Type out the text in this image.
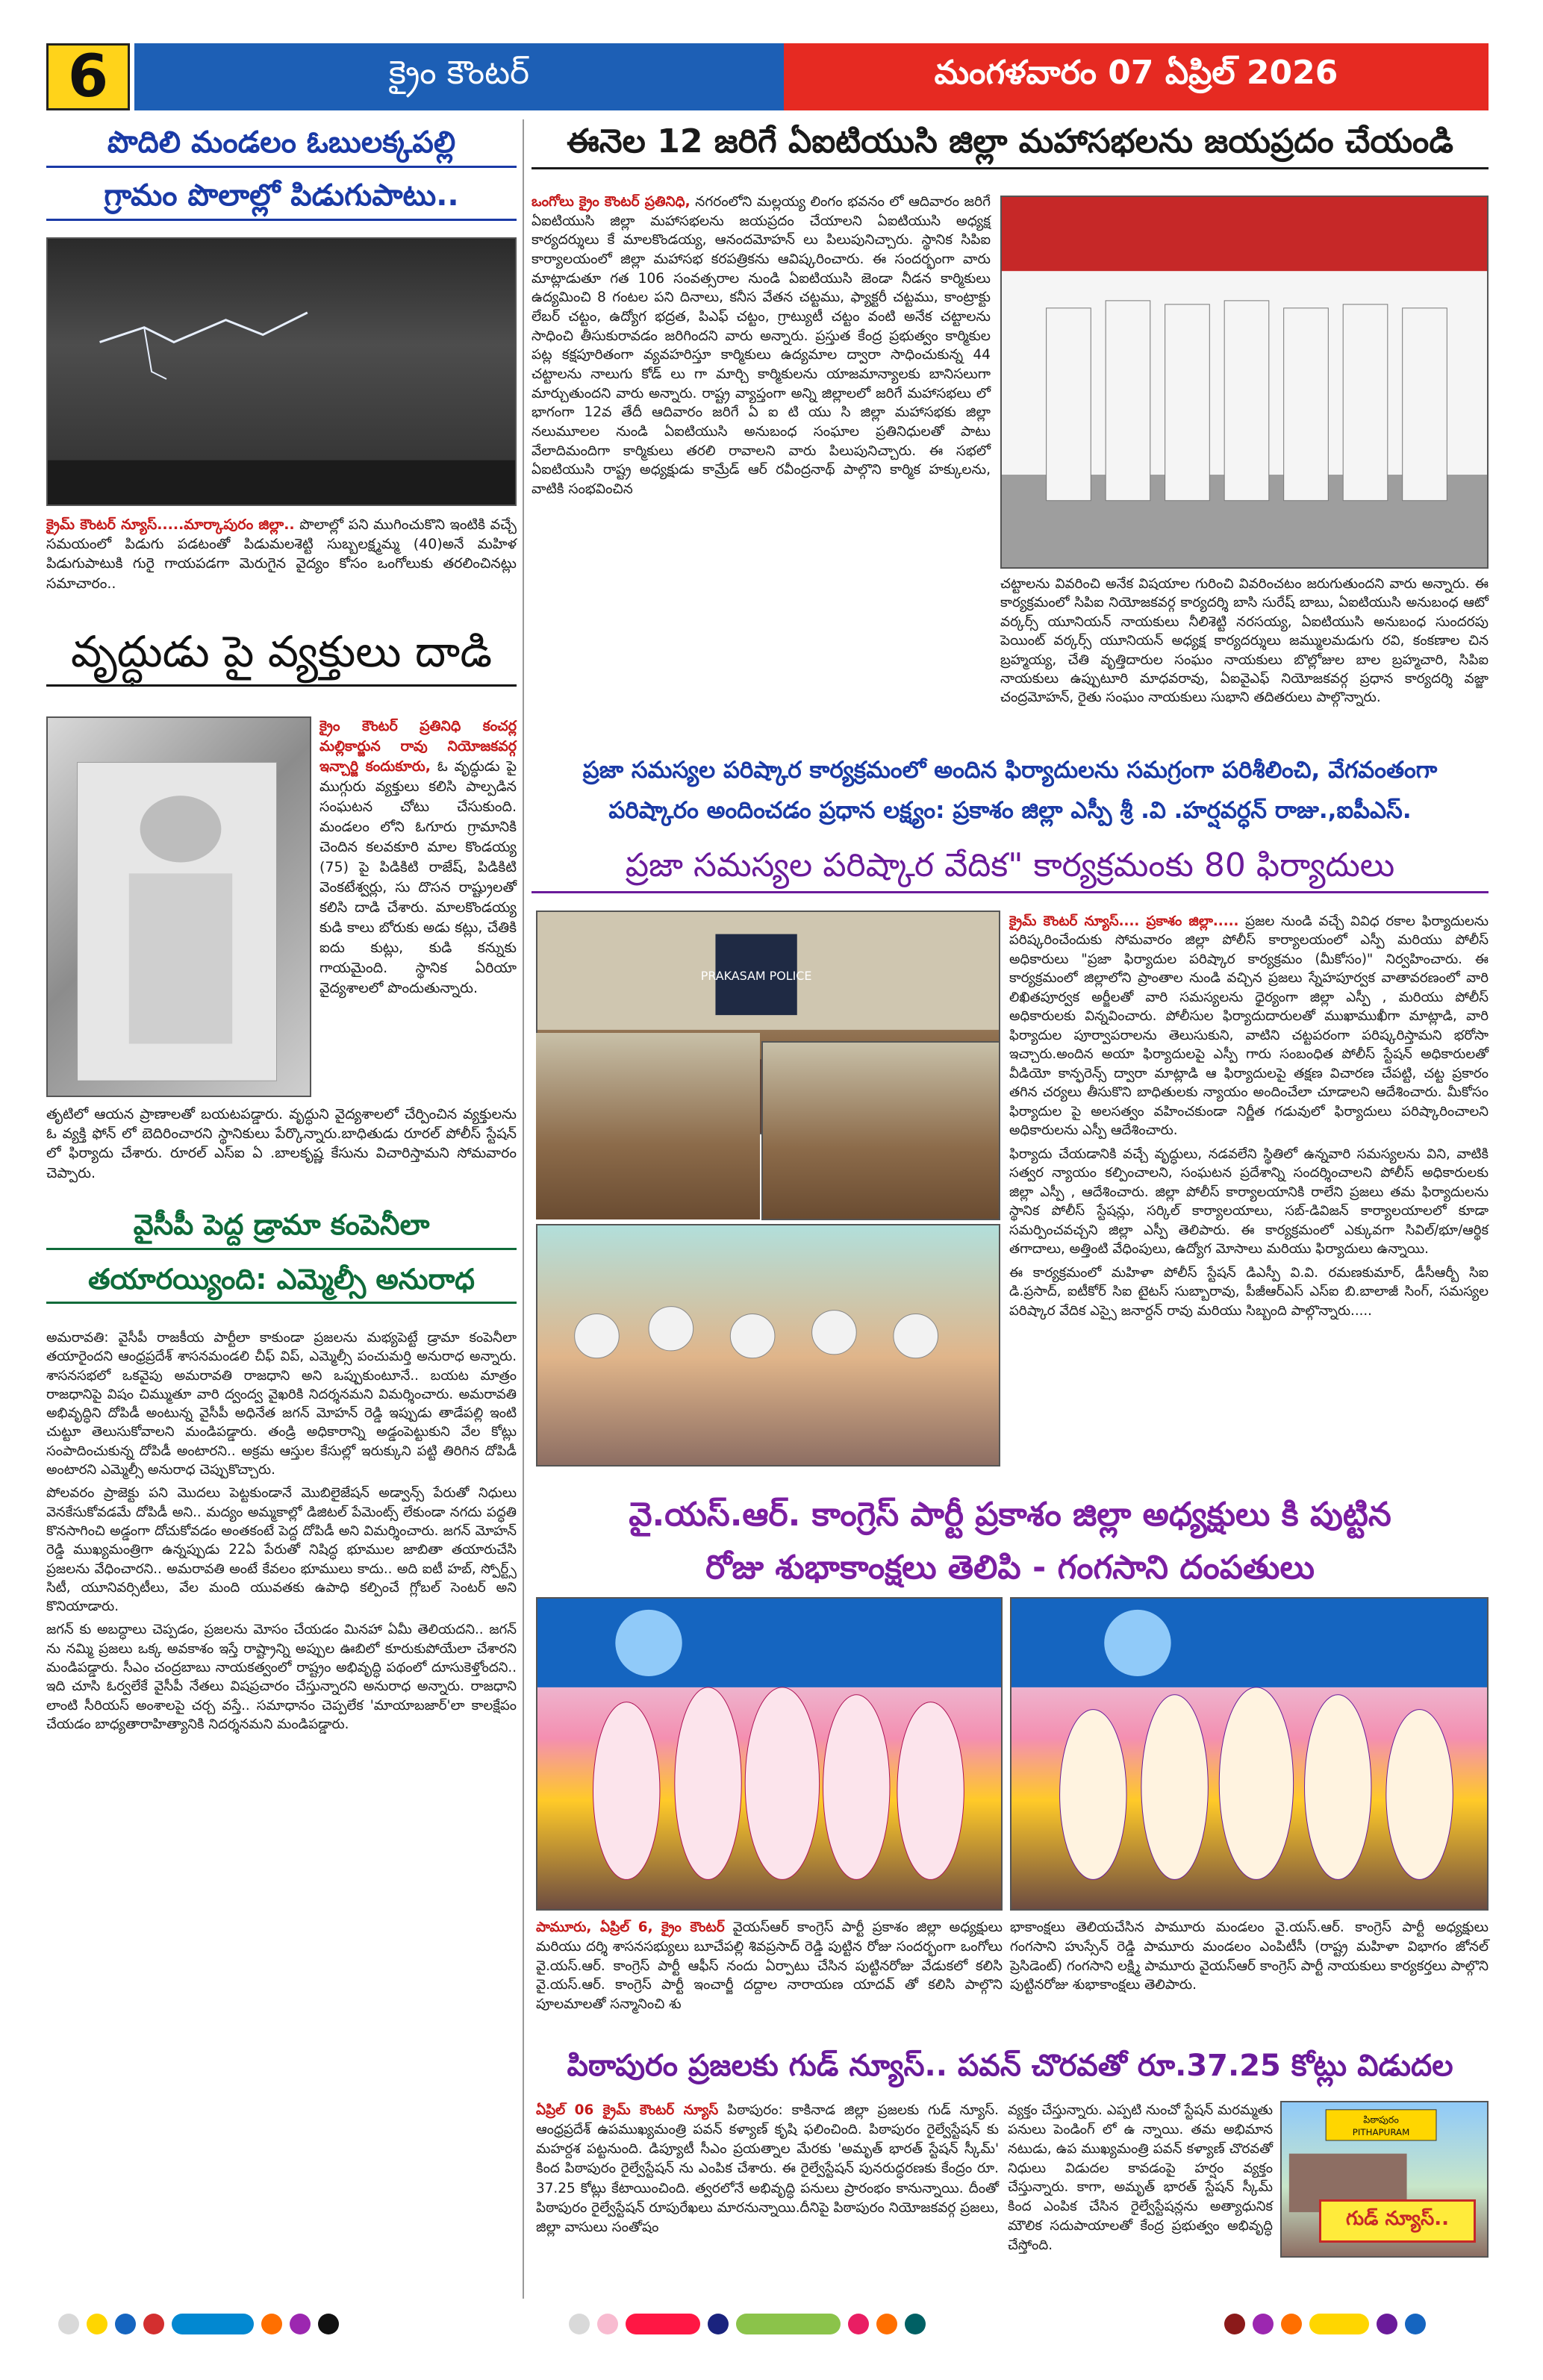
6	క్రైం కౌంటర్	మంగళవారం 07 ఏప్రిల్ 2026
పొదిలి మండలం ఓబులక్కపల్లి
గ్రామం పొలాల్లో పిడుగుపాటు..
క్రైమ్ కౌంటర్ న్యూస్.....మార్కాపురం జిల్లా.. పొలాల్లో పని ముగించుకొని ఇంటికి వచ్చే సమయంలో పిడుగు పడటంతో పిడుమలశెట్టి సుబ్బలక్ష్మమ్మ (40)అనే మహిళ పిడుగుపాటుకి గురై గాయపడగా మెరుగైన వైద్యం కోసం ఒంగోలుకు తరలించినట్లు సమాచారం..
వృద్ధుడు పై వ్యక్తులు దాడి
క్రైం కౌంటర్ ప్రతినిధి కంచర్ల మల్లికార్జున రావు నియోజకవర్గ ఇన్చార్జి కందుకూరు, ఓ వృద్ధుడు పై ముగ్గురు వ్యక్తులు కలిసి పాల్పడిన సంఘటన చోటు చేసుకుంది. మండలం లోని ఓగూరు గ్రామానికి చెందిన కలవకూరి మాల కొండయ్య (75) పై పిడికిటి రాజేష్, పిడికిటి వెంకటేశ్వర్లు, సు దొసన రాష్ట్రులతో కలిసి దాడి చేశారు. మాలకొండయ్య కుడి కాలు బోరుకు అడు కట్లు, చేతికి ఐదు కుట్లు, కుడి కన్నుకు గాయమైంది. స్థానిక ఏరియా వైద్యశాలలో పొందుతున్నారు.
తృటిలో ఆయన ప్రాణాలతో బయటపడ్డారు. వృద్ధుని వైద్యశాలలో చేర్పించిన వ్యక్తులను ఓ వ్యక్తి ఫోన్ లో బెదిరించారని స్థానికులు పేర్కొన్నారు.బాధితుడు రూరల్ పోలీస్ స్టేషన్ లో ఫిర్యాదు చేశారు. రూరల్ ఎస్ఐ ఏ .బాలకృష్ణ కేసును విచారిస్తామని సోమవారం చెప్పారు.
వైసీపీ పెద్ద డ్రామా కంపెనీలా
తయారయ్యింది: ఎమ్మెల్సీ అనురాధ

అమరావతి: వైసీపీ రాజకీయ పార్టీలా కాకుండా ప్రజలను మభ్యపెట్టే డ్రామా కంపెనీలా తయారైందని ఆంధ్రప్రదేశ్ శాసనమండలి చీఫ్ విప్, ఎమ్మెల్సీ పంచుమర్తి అనురాధ అన్నారు. శాసనసభలో ఒకవైపు అమరావతి రాజధాని అని ఒప్పుకుంటూనే.. బయట మాత్రం రాజధానిపై విషం చిమ్ముతూ వారి ద్వంద్వ వైఖరికి నిదర్శనమని విమర్శించారు. అమరావతి అభివృద్ధిని దోపిడీ అంటున్న వైసీపీ అధినేత జగన్ మోహన్ రెడ్డి ఇప్పుడు తాడేపల్లి ఇంటి చుట్టూ తెలుసుకోవాలని మండిపడ్డారు. తండ్రి అధికారాన్ని అడ్డంపెట్టుకుని వేల కోట్లు సంపాదించుకున్న దోపిడీ అంటారని.. అక్రమ ఆస్తుల కేసుల్లో ఇరుక్కుని పట్టి తిరిగిన దోపిడీ అంటారని ఎమ్మెల్సీ అనురాధ చెప్పుకొచ్చారు.

పోలవరం ప్రాజెక్టు పని మొదలు పెట్టకుండానే మొబిలైజేషన్ అడ్వాన్స్ పేరుతో నిధులు వెనకేసుకోవడమే దోపిడీ అని.. మద్యం అమ్మకాల్లో డిజిటల్ పేమెంట్స్ లేకుండా నగదు పద్ధతి కొనసాగించి అడ్డంగా దోచుకోవడం అంతకంటే పెద్ద దోపిడీ అని విమర్శించారు. జగన్ మోహన్ రెడ్డి ముఖ్యమంత్రిగా ఉన్నప్పుడు 22ఏ పేరుతో నిషిద్ధ భూముల జాబితా తయారుచేసి ప్రజలను వేధించారని.. అమరావతి అంటే కేవలం భూములు కాదు.. అది ఐటీ హబ్, స్పోర్ట్స్ సిటీ, యూనివర్సిటీలు, వేల మంది యువతకు ఉపాధి కల్పించే గ్లోబల్ సెంటర్ అని కొనియాడారు.

జగన్ కు అబద్ధాలు చెప్పడం, ప్రజలను మోసం చేయడం మినహా ఏమీ తెలియదని.. జగన్ ను నమ్మి ప్రజలు ఒక్క అవకాశం ఇస్తే రాష్ట్రాన్ని అప్పుల ఊబిలో కూరుకుపోయేలా చేశారని మండిపడ్డారు. సీఎం చంద్రబాబు నాయకత్వంలో రాష్ట్రం అభివృద్ధి పథంలో దూసుకెళ్తోందని.. ఇది చూసి ఓర్వలేకే వైసీపీ నేతలు విషప్రచారం చేస్తున్నారని అనురాధ అన్నారు. రాజధాని లాంటి సీరియస్ అంశాలపై చర్చ వస్తే.. సమాధానం చెప్పలేక 'మాయాబజార్'లా కాలక్షేపం చేయడం బాధ్యతారాహిత్యానికి నిదర్శనమని మండిపడ్డారు.

ఈనెల 12 జరిగే ఏఐటియుసి జిల్లా మహాసభలను జయప్రదం చేయండి
ఒంగోలు క్రైం కౌంటర్ ప్రతినిధి, నగరంలోని మల్లయ్య లింగం భవనం లో ఆదివారం జరిగే ఏఐటియుసి జిల్లా మహాసభలను జయప్రదం చేయాలని ఏఐటియుసి అధ్యక్ష కార్యదర్శులు కే మాలకొండయ్య, ఆనందమోహన్ లు పిలుపునిచ్చారు. స్థానిక సిపిఐ కార్యాలయంలో జిల్లా మహాసభ కరపత్రికను ఆవిష్కరించారు. ఈ సందర్భంగా వారు మాట్లాడుతూ గత 106 సంవత్సరాల నుండి ఏఐటియుసి జెండా నీడన కార్మికులు ఉద్యమించి 8 గంటల పని దినాలు, కనీస వేతన చట్టము, ఫ్యాక్టరీ చట్టము, కాంట్రాక్టు లేబర్ చట్టం, ఉద్యోగ భద్రత, పిఎఫ్ చట్టం, గ్రాట్యుటీ చట్టం వంటి అనేక చట్టాలను సాధించి తీసుకురావడం జరిగిందని వారు అన్నారు. ప్రస్తుత కేంద్ర ప్రభుత్వం కార్మికుల పట్ల కక్షపూరితంగా వ్యవహరిస్తూ కార్మికులు ఉద్యమాల ద్వారా సాధించుకున్న 44 చట్టాలను నాలుగు కోడ్ లు గా మార్చి కార్మికులను యాజమాన్యాలకు బానిసలుగా మార్చుతుందని వారు అన్నారు. రాష్ట్ర వ్యాప్తంగా అన్ని జిల్లాలలో జరిగే మహాసభలు లో భాగంగా 12వ తేదీ ఆదివారం జరిగే ఏ ఐ టి యు సి జిల్లా మహాసభకు జిల్లా నలుమూలల నుండి ఏఐటియుసి అనుబంధ సంఘాల ప్రతినిధులతో పాటు వేలాదిమందిగా కార్మికులు తరలి రావాలని వారు పిలుపునిచ్చారు. ఈ సభలో ఏఐటియుసి రాష్ట్ర అధ్యక్షుడు కామ్రేడ్ ఆర్ రవీంద్రనాథ్ పాల్గొని కార్మిక హక్కులను, వాటికి సంభవించిన
చట్టాలను వివరించి అనేక విషయాల గురించి వివరించటం జరుగుతుందని వారు అన్నారు. ఈ కార్యక్రమంలో సిపిఐ నియోజకవర్గ కార్యదర్శి బాసి సురేష్ బాబు, ఏఐటియుసి అనుబంధ ఆటో వర్కర్స్ యూనియన్ నాయకులు నీలిశెట్టి నరసయ్య, ఏఐటియుసి అనుబంధ సుందరపు పెయింట్ వర్కర్స్ యూనియన్ అధ్యక్ష కార్యదర్శులు జమ్ములమడుగు రవి, కంకణాల చిన బ్రహ్మయ్య, చేతి వృత్తిదారుల సంఘం నాయకులు బొల్లోజుల బాల బ్రహ్మచారి, సిపిఐ నాయకులు ఉప్పుటూరి మాధవరావు, ఏఐవైఎఫ్ నియోజకవర్గ ప్రధాన కార్యదర్శి వజ్జా చంద్రమోహన్, రైతు సంఘం నాయకులు సుభాని తదితరులు పాల్గొన్నారు.
ప్రజా సమస్యల పరిష్కార కార్యక్రమంలో అందిన ఫిర్యాదులను సమగ్రంగా పరిశీలించి, వేగవంతంగా
పరిష్కారం అందించడం ప్రధాన లక్ష్యం: ప్రకాశం జిల్లా ఎస్పీ శ్రీ .వి .హర్షవర్ధన్ రాజు.,ఐపీఎస్.
ప్రజా సమస్యల పరిష్కార వేదిక" కార్యక్రమంకు 80 ఫిర్యాదులు
PRAKASAM POLICE
క్రైమ్ కౌంటర్ న్యూస్.... ప్రకాశం జిల్లా..... ప్రజల నుండి వచ్చే వివిధ రకాల ఫిర్యాదులను పరిష్కరించేందుకు సోమవారం జిల్లా పోలీస్ కార్యాలయంలో ఎస్పీ మరియు పోలీస్ అధికారులు "ప్రజా ఫిర్యాదుల పరిష్కార కార్యక్రమం (మీకోసం)" నిర్వహించారు. ఈ కార్యక్రమంలో జిల్లాలోని ప్రాంతాల నుండి వచ్చిన ప్రజలు స్నేహపూర్వక వాతావరణంలో వారి లిఖితపూర్వక అర్జీలతో వారి సమస్యలను ధైర్యంగా జిల్లా ఎస్పీ , మరియు పోలీస్ అధికారులకు విన్నవించారు. పోలీసుల ఫిర్యాదుదారులతో ముఖాముఖీగా మాట్లాడి, వారి ఫిర్యాదుల పూర్వాపరాలను తెలుసుకుని, వాటిని చట్టపరంగా పరిష్కరిస్తామని భరోసా ఇచ్చారు.అందిన అయా ఫిర్యాదులపై ఎస్పీ గారు సంబంధిత పోలీస్ స్టేషన్ అధికారులతో వీడియో కాన్ఫరెన్స్ ద్వారా మాట్లాడి ఆ ఫిర్యాదులపై తక్షణ విచారణ చేపట్టి, చట్ట ప్రకారం తగిన చర్యలు తీసుకొని బాధితులకు న్యాయం అందించేలా చూడాలని ఆదేశించారు. మీకోసం ఫిర్యాదుల పై అలసత్వం వహించకుండా నిర్ణీత గడువులో ఫిర్యాదులు పరిష్కారించాలని అధికారులను ఎస్పీ ఆదేశించారు.

ఫిర్యాదు చేయడానికి వచ్చే వృద్ధులు, నడవలేని స్థితిలో ఉన్నవారి సమస్యలను విని, వాటికి సత్వర న్యాయం కల్పించాలని, సంఘటన ప్రదేశాన్ని సందర్శించాలని పోలీస్ అధికారులకు జిల్లా ఎస్పీ , ఆదేశించారు. జిల్లా పోలీస్ కార్యాలయానికి రాలేని ప్రజలు తమ ఫిర్యాదులను స్థానిక పోలీస్ స్టేషన్లు, సర్కిల్ కార్యాలయాలు, సబ్-డివిజన్ కార్యాలయాలలో కూడా సమర్పించవచ్చని జిల్లా ఎస్పీ తెలిపారు. ఈ కార్యక్రమంలో ఎక్కువగా సివిల్/భూ/ఆర్థిక తగాదాలు, అత్తింటి వేధింపులు, ఉద్యోగ మోసాలు మరియు ఫిర్యాదులు ఉన్నాయి.

ఈ కార్యక్రమంలో మహిళా పోలీస్ స్టేషన్ డిఎస్పీ వి.వి. రమణకుమార్, డీసీఆర్బీ సిఐ డి.ప్రసాద్, ఐటీకోర్ సిఐ టైటస్ సుబ్బారావు, పీజీఆర్ఎస్ ఎస్ఐ బి.బాలాజీ సింగ్, సమస్యల పరిష్కార వేదిక ఎస్సై జనార్దన్ రావు మరియు సిబ్బంది పాల్గొన్నారు.....

వై.యస్.ఆర్. కాంగ్రెస్ పార్టీ ప్రకాశం జిల్లా అధ్యక్షులు కి పుట్టిన
రోజు శుభాకాంక్షలు తెలిపి - గంగసాని దంపతులు
పామూరు, ఏప్రిల్ 6, క్రైం కౌంటర్ వైయస్ఆర్ కాంగ్రెస్ పార్టీ ప్రకాశం జిల్లా అధ్యక్షులు మరియు దర్శి శాసనసభ్యులు బూచేపల్లి శివప్రసాద్ రెడ్డి పుట్టిన రోజు సందర్భంగా ఒంగోలు వై.యస్.ఆర్. కాంగ్రెస్ పార్టీ ఆఫీస్ నందు ఏర్పాటు చేసిన పుట్టినరోజు వేడుకలో కలిసి వై.యస్.ఆర్. కాంగ్రెస్ పార్టీ ఇంచార్జీ దద్దాల నారాయణ యాదవ్ తో కలిసి పాల్గొని పూలమాలతో సన్మానించి శు
భాకాంక్షలు తెలియచేసిన పామూరు మండలం వై.యస్.ఆర్. కాంగ్రెస్ పార్టీ అధ్యక్షులు గంగసాని హుస్సేన్ రెడ్డి పామూరు మండలం ఎంపిటీసీ (రాష్ట్ర మహిళా విభాగం జోనల్ ప్రెసిడెంట్) గంగసాని లక్ష్మి పామూరు వైయస్ఆర్ కాంగ్రెస్ పార్టీ నాయకులు కార్యకర్తలు పాల్గొని పుట్టినరోజు శుభాకాంక్షలు తెలిపారు.
పిఠాపురం ప్రజలకు గుడ్ న్యూస్.. పవన్ చొరవతో రూ.37.25 కోట్లు విడుదల
ఏప్రిల్ 06 క్రైమ్ కౌంటర్ న్యూస్ పిఠాపురం: కాకినాడ జిల్లా ప్రజలకు గుడ్ న్యూస్. ఆంధ్రప్రదేశ్ ఉపముఖ్యమంత్రి పవన్ కళ్యాణ్ కృషి ఫలించింది. పిఠాపురం రైల్వేస్టేషన్ కు మహర్దశ పట్టనుంది. డిప్యూటీ సీఎం ప్రయత్నాల మేరకు 'అమృత్ భారత్ స్టేషన్ స్కీమ్' కింద పిఠాపురం రైల్వేస్టేషన్ ను ఎంపిక చేశారు. ఈ రైల్వేస్టేషన్ పునరుద్ధరణకు కేంద్రం రూ. 37.25 కోట్లు కేటాయించింది. త్వరలోనే అభివృద్ధి పనులు ప్రారంభం కానున్నాయి. దీంతో పిఠాపురం రైల్వేస్టేషన్ రూపురేఖలు మారనున్నాయి.దీనిపై పిఠాపురం నియోజకవర్గ ప్రజలు, జిల్లా వాసులు సంతోషం
వ్యక్తం చేస్తున్నారు. ఎప్పటి నుంచో స్టేషన్ మరమ్మతు పనులు పెండింగ్ లో ఉ న్నాయి. తమ అభిమాన నటుడు, ఉప ముఖ్యమంత్రి పవన్ కళ్యాణ్ చొరవతో నిధులు విడుదల కావడంపై హర్షం వ్యక్తం చేస్తున్నారు. కాగా, అమృత్ భారత్ స్టేషన్ స్కీమ్ కింద ఎంపిక చేసిన రైల్వేస్టేషన్లను అత్యాధునిక మౌలిక సదుపాయాలతో కేంద్ర ప్రభుత్వం అభివృద్ధి చేస్తోంది.
పిఠాపురం
PITHAPURAM
గుడ్ న్యూస్..
